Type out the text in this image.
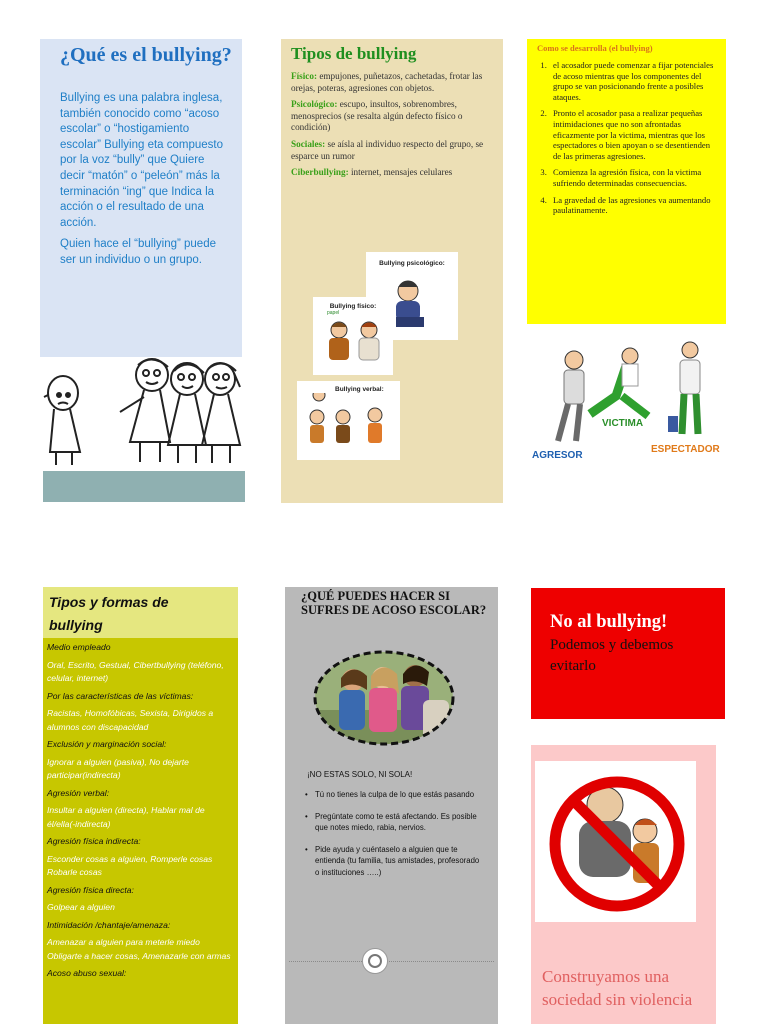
¿Qué es el bullying?

Bullying es una palabra inglesa, también conocido como “acoso escolar” o “hostigamiento escolar” Bullying eta compuesto por la voz “bully” que Quiere decir “matón” o “peleón” más la terminación “ing” que Indica la acción o el resultado de una acción.

Quien hace el “bullying” puede ser un individuo o un grupo.

Tipos de bullying

Físico: empujones, puñetazos, cachetadas, frotar las orejas, poteras, agresiones con objetos.

Psicológico: escupo, insultos, sobrenombres, menosprecios (se resalta algún defecto físico o condición)

Sociales: se aísla al individuo respecto del grupo, se esparce un rumor

Ciberbullying: internet, mensajes celulares

Bullying psicológico:
Bullying físico:
papel
Bullying verbal:
Como se desarrolla (el bullying)
1. el acosador puede comenzar a fijar potenciales de acoso mientras que los componentes del grupo se van posicionando frente a posibles ataques.
2. Pronto el acosador pasa a realizar pequeñas intimidaciones que no son afrontadas eficazmente por la victima, mientras que los espectadores o bien apoyan o se desentienden de las primeras agresiones.
3. Comienza la agresión física, con la victima sufriendo determinadas consecuencias.
4. La gravedad de las agresiones va aumentando paulatinamente.
AGRESOR
VICTIMA
ESPECTADOR
Tipos y formas de
bullying
Medio empleado
Oral, Escrito, Gestual, Cibertbullying (teléfono, celular, internet)
Por las características de las víctimas:
Racistas, Homofóbicas, Sexista, Dirigidos a alumnos con discapacidad
Exclusión y marginación social:
Ignorar a alguien (pasiva), No dejarte participar(indirecta)
Agresión verbal:
Insultar a alguien (directa), Hablar mal de él/ella(-indirecta)
Agresión física indirecta:
Esconder cosas a alguien, Romperle cosas Robarle cosas
Agresión física directa:
Golpear a alguien
Intimidación /chantaje/amenaza:
Amenazar a alguien para meterle miedo Obligarte a hacer cosas, Amenazarle con armas
Acoso abuso sexual:
¿QUÉ PUEDES HACER SI SUFRES DE ACOSO ESCOLAR?
¡NO ESTAS SOLO, NI SOLA!
• Tú no tienes la culpa de lo que estás pasando
• Pregúntate como te está afectando. Es posible que notes miedo, rabia, nervios.
• Pide ayuda y cuéntaselo a alguien que te entienda (tu familia, tus amistades, profesorado o instituciones …..)
No al bullying!
Podemos y debemos evitarlo
Construyamos una sociedad sin violencia
